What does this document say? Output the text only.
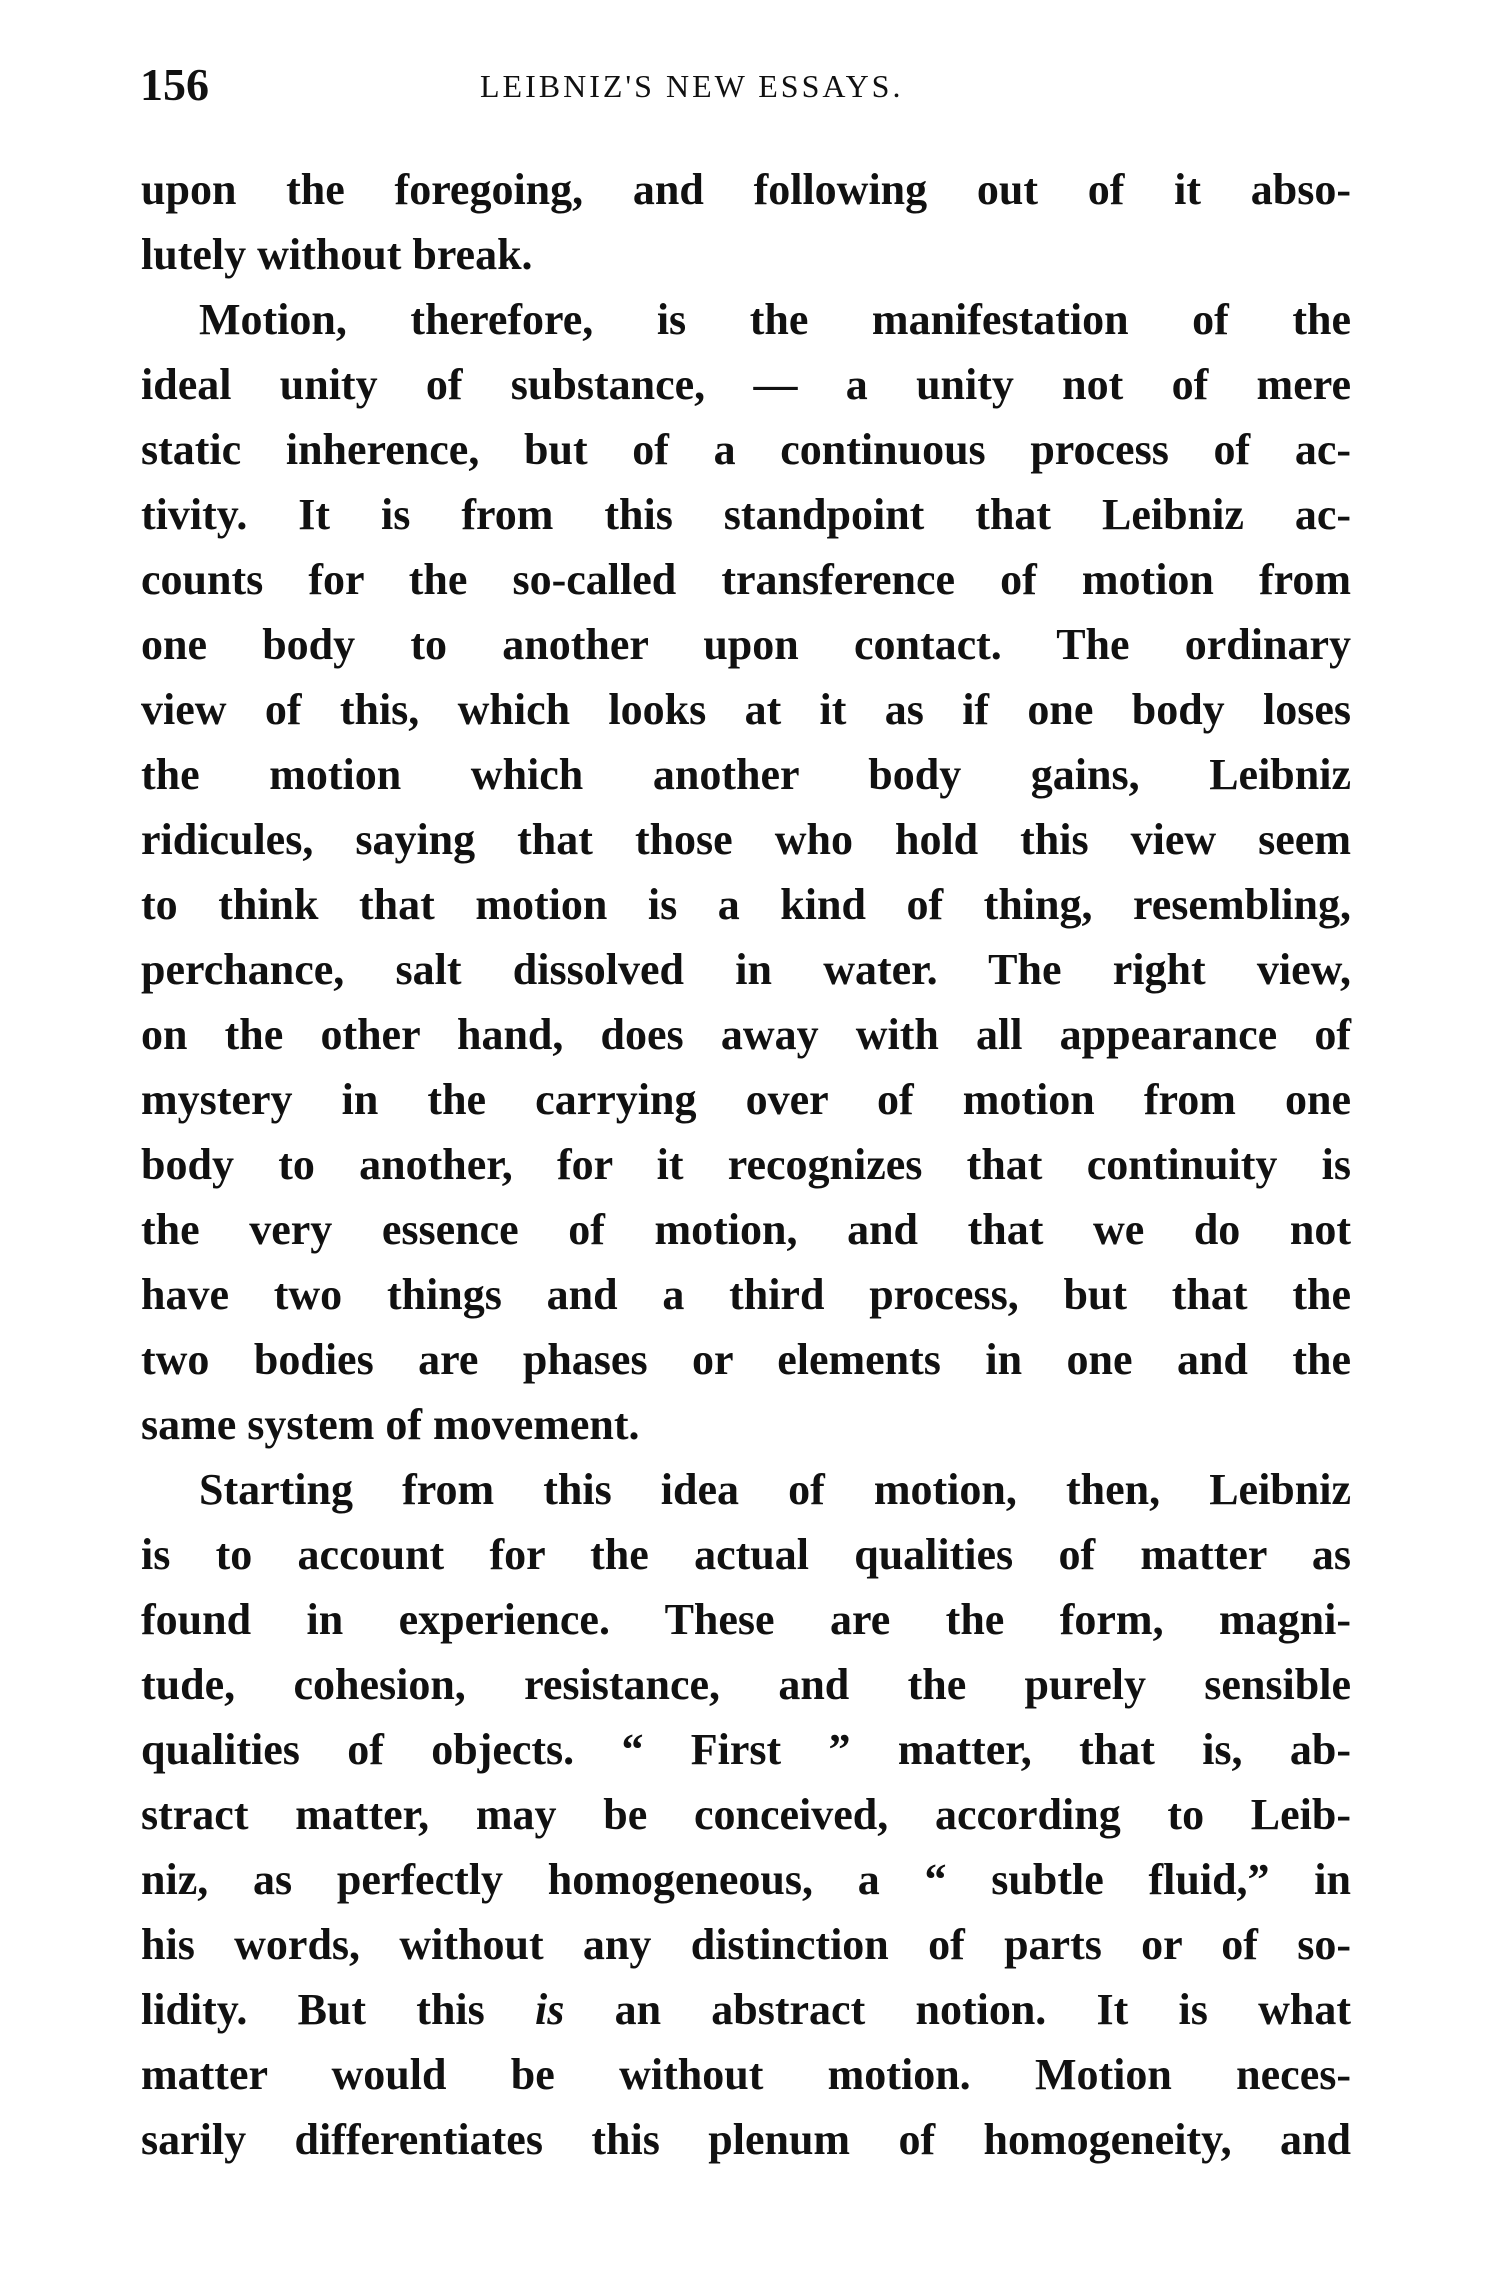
156	LEIBNIZ'S NEW ESSAYS.
upon the foregoing, and following out of it abso-
lutely without break.
Motion, therefore, is the manifestation of the
ideal unity of substance, — a unity not of mere
static inherence, but of a continuous process of ac-
tivity. It is from this standpoint that Leibniz ac-
counts for the so-called transference of motion from
one body to another upon contact. The ordinary
view of this, which looks at it as if one body loses
the motion which another body gains, Leibniz
ridicules, saying that those who hold this view seem
to think that motion is a kind of thing, resembling,
perchance, salt dissolved in water. The right view,
on the other hand, does away with all appearance of
mystery in the carrying over of motion from one
body to another, for it recognizes that continuity is
the very essence of motion, and that we do not
have two things and a third process, but that the
two bodies are phases or elements in one and the
same system of movement.
Starting from this idea of motion, then, Leibniz
is to account for the actual qualities of matter as
found in experience. These are the form, magni-
tude, cohesion, resistance, and the purely sensible
qualities of objects. “ First ” matter, that is, ab-
stract matter, may be conceived, according to Leib-
niz, as perfectly homogeneous, a “ subtle fluid,” in
his words, without any distinction of parts or of so-
lidity. But this is an abstract notion. It is what
matter would be without motion. Motion neces-
sarily differentiates this plenum of homogeneity, and
